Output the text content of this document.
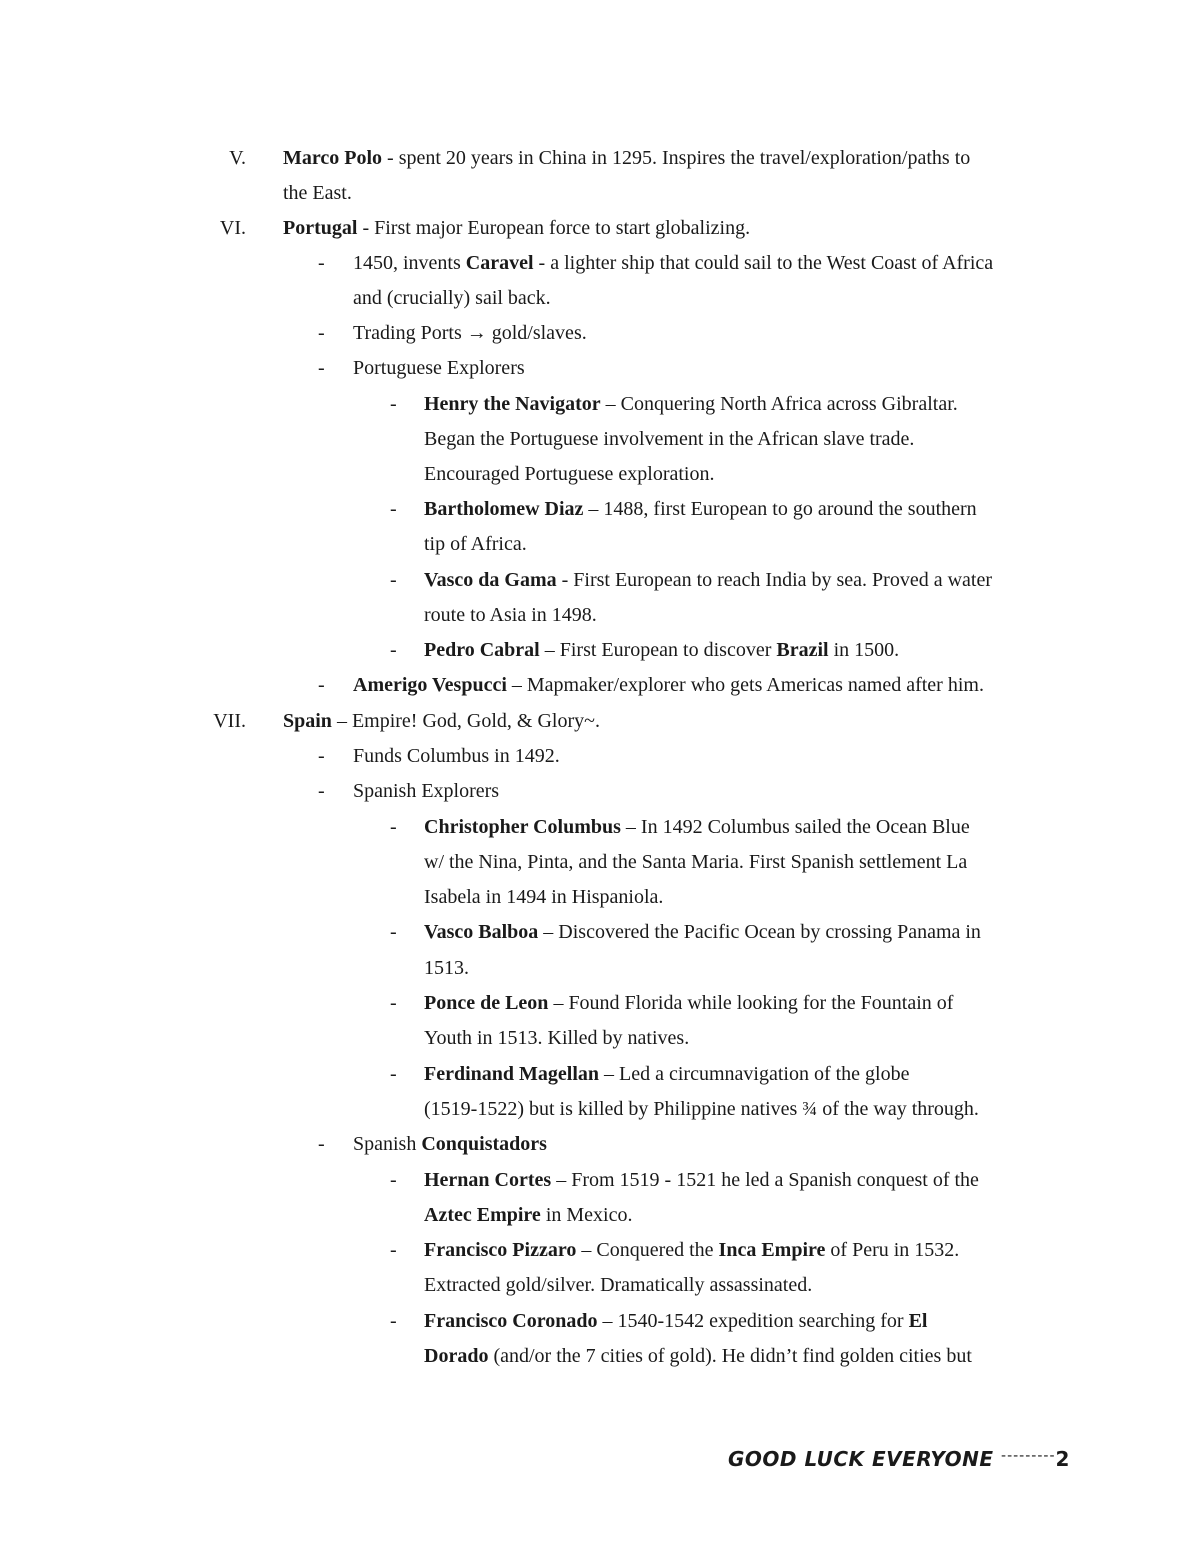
V. Marco Polo - spent 20 years in China in 1295. Inspires the travel/exploration/paths to
the East.
VI. Portugal - First major European force to start globalizing.
- 1450, invents Caravel - a lighter ship that could sail to the West Coast of Africa
and (crucially) sail back.
- Trading Ports → gold/slaves.
- Portuguese Explorers
- Henry the Navigator – Conquering North Africa across Gibraltar.
Began the Portuguese involvement in the African slave trade.
Encouraged Portuguese exploration.
- Bartholomew Diaz – 1488, first European to go around the southern
tip of Africa.
- Vasco da Gama - First European to reach India by sea. Proved a water
route to Asia in 1498.
- Pedro Cabral – First European to discover Brazil in 1500.
- Amerigo Vespucci – Mapmaker/explorer who gets Americas named after him.
VII. Spain – Empire! God, Gold, & Glory~.
- Funds Columbus in 1492.
- Spanish Explorers
- Christopher Columbus – In 1492 Columbus sailed the Ocean Blue
w/ the Nina, Pinta, and the Santa Maria. First Spanish settlement La
Isabela in 1494 in Hispaniola.
- Vasco Balboa – Discovered the Pacific Ocean by crossing Panama in
1513.
- Ponce de Leon – Found Florida while looking for the Fountain of
Youth in 1513. Killed by natives.
- Ferdinand Magellan – Led a circumnavigation of the globe
(1519-1522) but is killed by Philippine natives ¾ of the way through.
- Spanish Conquistadors
- Hernan Cortes – From 1519 - 1521 he led a Spanish conquest of the
Aztec Empire in Mexico.
- Francisco Pizzaro – Conquered the Inca Empire of Peru in 1532.
Extracted gold/silver. Dramatically assassinated.
- Francisco Coronado – 1540-1542 expedition searching for El
Dorado (and/or the 7 cities of gold). He didn’t find golden cities but
GOOD LUCK EVERYONE ---------2
